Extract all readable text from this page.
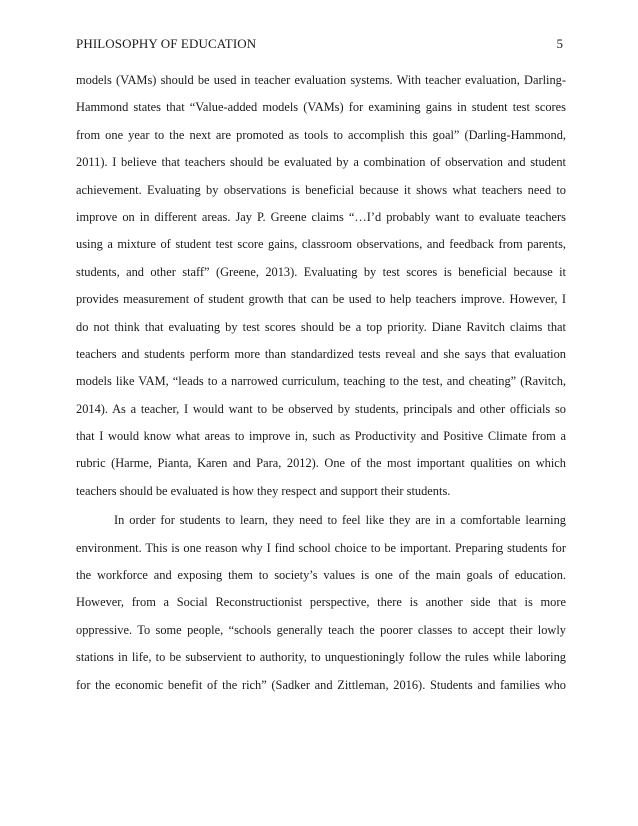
PHILOSOPHY OF EDUCATION	5
models (VAMs) should be used in teacher evaluation systems. With teacher evaluation, Darling-
Hammond states that “Value-added models (VAMs) for examining gains in student test scores
from one year to the next are promoted as tools to accomplish this goal” (Darling-Hammond,
2011). I believe that teachers should be evaluated by a combination of observation and student
achievement. Evaluating by observations is beneficial because it shows what teachers need to
improve on in different areas. Jay P. Greene claims “…I’d probably want to evaluate teachers
using a mixture of student test score gains, classroom observations, and feedback from parents,
students, and other staff” (Greene, 2013). Evaluating by test scores is beneficial because it
provides measurement of student growth that can be used to help teachers improve. However, I
do not think that evaluating by test scores should be a top priority. Diane Ravitch claims that
teachers and students perform more than standardized tests reveal and she says that evaluation
models like VAM, “leads to a narrowed curriculum, teaching to the test, and cheating” (Ravitch,
2014). As a teacher, I would want to be observed by students, principals and other officials so
that I would know what areas to improve in, such as Productivity and Positive Climate from a
rubric (Harme, Pianta, Karen and Para, 2012). One of the most important qualities on which
teachers should be evaluated is how they respect and support their students.
In order for students to learn, they need to feel like they are in a comfortable learning
environment. This is one reason why I find school choice to be important. Preparing students for
the workforce and exposing them to society’s values is one of the main goals of education.
However, from a Social Reconstructionist perspective, there is another side that is more
oppressive. To some people, “schools generally teach the poorer classes to accept their lowly
stations in life, to be subservient to authority, to unquestioningly follow the rules while laboring
for the economic benefit of the rich” (Sadker and Zittleman, 2016). Students and families who
